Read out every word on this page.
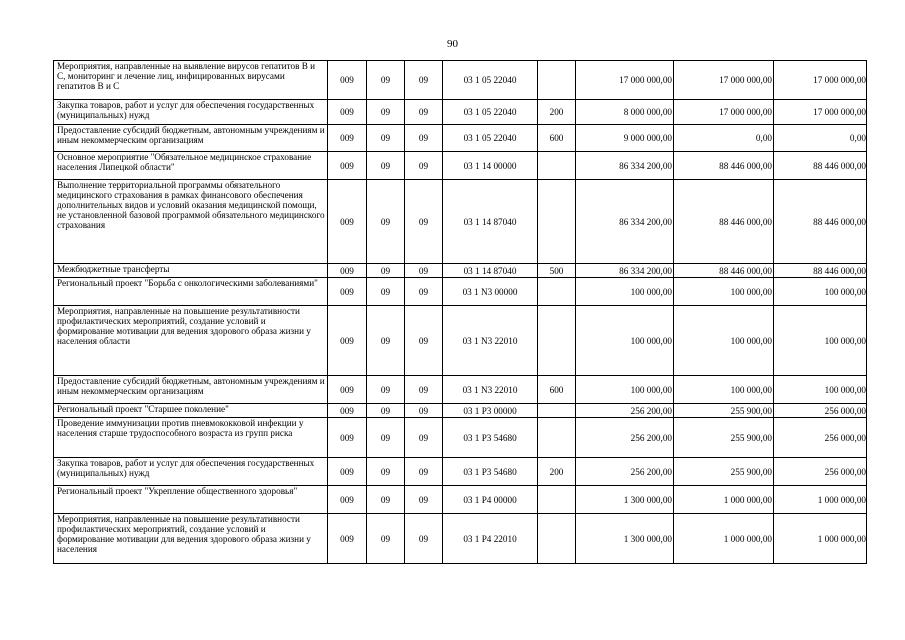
90
Мероприятия, направленные на выявление вирусов гепатитов В и С, мониторинг и лечение лиц, инфицированных вирусами гепатитов В и С	009	09	09	03 1 05 22040		17 000 000,00	17 000 000,00	17 000 000,00
Закупка товаров, работ и услуг для обеспечения государственных (муниципальных) нужд	009	09	09	03 1 05 22040	200	8 000 000,00	17 000 000,00	17 000 000,00
Предоставление субсидий бюджетным, автономным учреждениям и иным некоммерческим организациям	009	09	09	03 1 05 22040	600	9 000 000,00	0,00	0,00
Основное мероприятие "Обязательное медицинское страхование населения Липецкой области"	009	09	09	03 1 14 00000		86 334 200,00	88 446 000,00	88 446 000,00
Выполнение территориальной программы обязательного медицинского страхования в рамках финансового обеспечения дополнительных видов и условий оказания медицинской помощи, не установленной базовой программой обязательного медицинского страхования	009	09	09	03 1 14 87040		86 334 200,00	88 446 000,00	88 446 000,00
Межбюджетные трансферты	009	09	09	03 1 14 87040	500	86 334 200,00	88 446 000,00	88 446 000,00
Региональный проект "Борьба с онкологическими заболеваниями"	009	09	09	03 1 N3 00000		100 000,00	100 000,00	100 000,00
Мероприятия, направленные на повышение результативности профилактических мероприятий, создание условий и формирование мотивации для ведения здорового образа жизни у населения области	009	09	09	03 1 N3 22010		100 000,00	100 000,00	100 000,00
Предоставление субсидий бюджетным, автономным учреждениям и иным некоммерческим организациям	009	09	09	03 1 N3 22010	600	100 000,00	100 000,00	100 000,00
Региональный проект "Старшее поколение"	009	09	09	03 1 P3 00000		256 200,00	255 900,00	256 000,00
Проведение иммунизации против пневмококковой инфекции у населения старше трудоспособного возраста из групп риска	009	09	09	03 1 P3 54680		256 200,00	255 900,00	256 000,00
Закупка товаров, работ и услуг для обеспечения государственных (муниципальных) нужд	009	09	09	03 1 P3 54680	200	256 200,00	255 900,00	256 000,00
Региональный проект "Укрепление общественного здоровья"	009	09	09	03 1 P4 00000		1 300 000,00	1 000 000,00	1 000 000,00
Мероприятия, направленные на повышение результативности профилактических мероприятий, создание условий и формирование мотивации для ведения здорового образа жизни у населения	009	09	09	03 1 P4 22010		1 300 000,00	1 000 000,00	1 000 000,00
